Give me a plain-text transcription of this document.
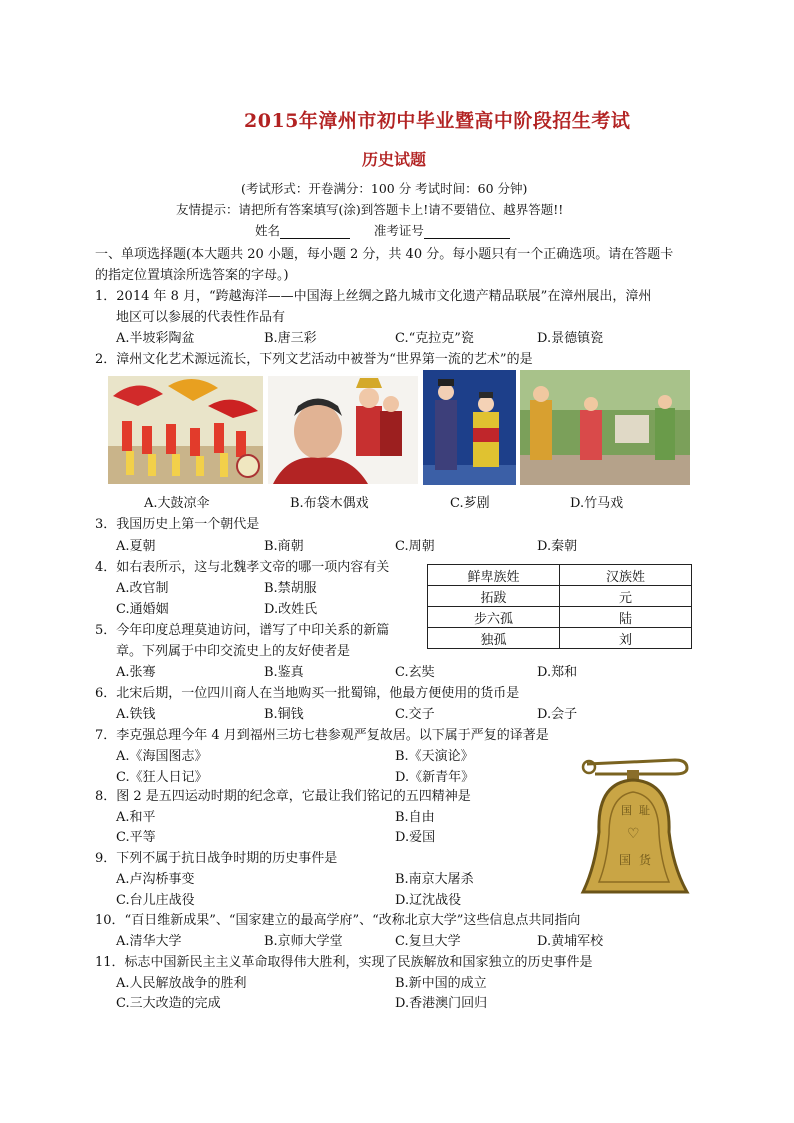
2015年漳州市初中毕业暨高中阶段招生考试
历史试题
(考试形式：开卷满分：100 分 考试时间：60 分钟)
友情提示：请把所有答案填写(涂)到答题卡上!请不要错位、越界答题!!
姓名	准考证号
一、单项选择题(本大题共 20 小题，每小题 2 分，共 40 分。每小题只有一个正确选项。请在答题卡
的指定位置填涂所选答案的字母。)
1．2014 年 8 月，“跨越海洋——中国海上丝绸之路九城市文化遗产精品联展”在漳州展出，漳州
地区可以参展的代表性作品有
A.半坡彩陶盆	B.唐三彩	C.“克拉克”瓷	D.景德镇瓷
2．漳州文化艺术源远流长，下列文艺活动中被誉为“世界第一流的艺术”的是
A.大鼓凉伞	B.布袋木偶戏	C.芗剧	D.竹马戏
3．我国历史上第一个朝代是
A.夏朝	B.商朝	C.周朝	D.秦朝
4．如右表所示，这与北魏孝文帝的哪一项内容有关
A.改官制	B.禁胡服
C.通婚姻	D.改姓氏
鲜卑族姓	汉族姓
拓跋	元
步六孤	陆
独孤	刘
5．今年印度总理莫迪访问，谱写了中印关系的新篇
章。下列属于中印交流史上的友好使者是
A.张骞	B.鉴真	C.玄奘	D.郑和
6．北宋后期，一位四川商人在当地购买一批蜀锦，他最方便使用的货币是
A.铁钱	B.铜钱	C.交子	D.会子
7．李克强总理今年 4 月到福州三坊七巷参观严复故居。以下属于严复的译著是
A.《海国图志》	B.《天演论》
C.《狂人日记》	D.《新青年》
国 耻
♡
国 货
8．图 2 是五四运动时期的纪念章，它最让我们铭记的五四精神是
A.和平	B.自由
C.平等	D.爱国
9．下列不属于抗日战争时期的历史事件是
A.卢沟桥事变	B.南京大屠杀
C.台儿庄战役	D.辽沈战役
10．“百日维新成果”、“国家建立的最高学府”、“改称北京大学”这些信息点共同指向
A.清华大学	B.京师大学堂	C.复旦大学	D.黄埔军校
11．标志中国新民主主义革命取得伟大胜利，实现了民族解放和国家独立的历史事件是
A.人民解放战争的胜利	B.新中国的成立
C.三大改造的完成	D.香港澳门回归
